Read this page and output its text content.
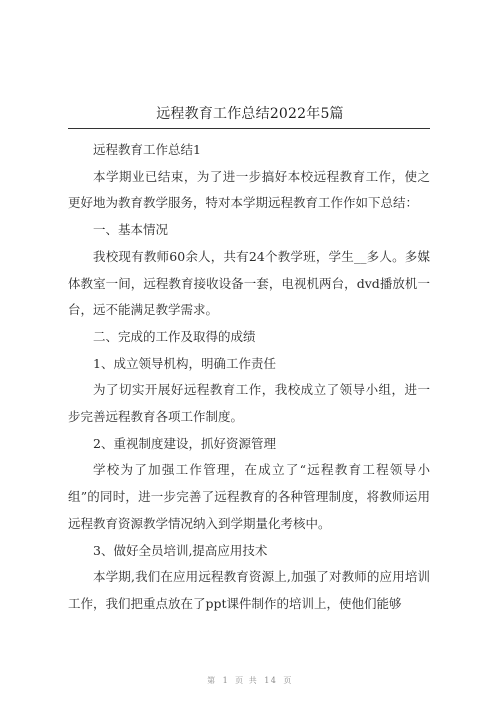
远程教育工作总结2022年5篇

远程教育工作总结1

本学期业已结束，为了进一步搞好本校远程教育工作，使之更好地为教育教学服务，特对本学期远程教育工作作如下总结：

一、基本情况

我校现有教师60余人，共有24个教学班，学生__多人。多媒体教室一间，远程教育接收设备一套，电视机两台，dvd播放机一台，远不能满足教学需求。

二、完成的工作及取得的成绩

1、成立领导机构，明确工作责任

为了切实开展好远程教育工作，我校成立了领导小组，进一步完善远程教育各项工作制度。

2、重视制度建设，抓好资源管理

学校为了加强工作管理，在成立了“远程教育工程领导小组”的同时，进一步完善了远程教育的各种管理制度，将教师运用远程教育资源教学情况纳入到学期量化考核中。

3、做好全员培训,提高应用技术

本学期,我们在应用远程教育资源上,加强了对教师的应用培训工作，我们把重点放在了ppt课件制作的培训上，使他们能够

第 1 页 共 14 页
